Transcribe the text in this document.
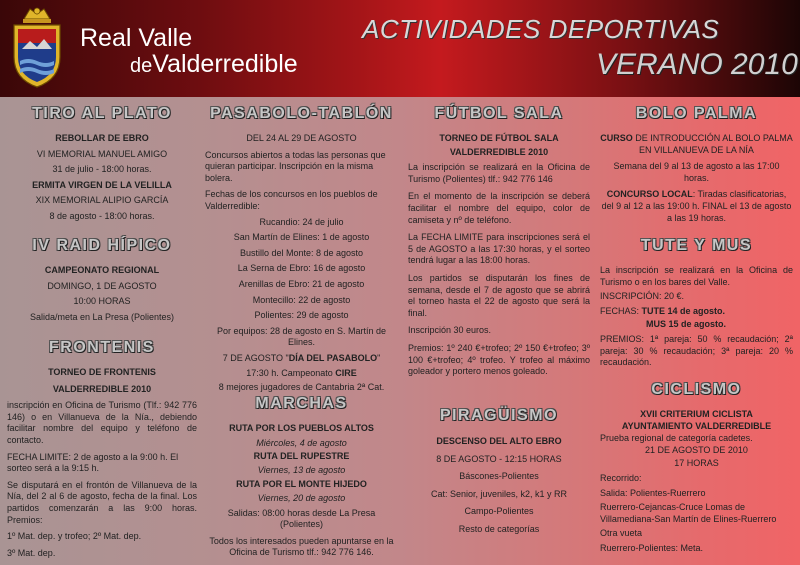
Real Valle
deValderredible
ACTIVIDADES DEPORTIVAS
VERANO 2010
TIRO AL PLATO

REBOLLAR DE EBRO

VI MEMORIAL MANUEL AMIGO

31 de julio - 18:00 horas.

ERMITA VIRGEN DE LA VELILLA

XIX MEMORIAL ALIPIO GARCÍA

8 de agosto - 18:00 horas.

IV RAID HÍPICO

CAMPEONATO REGIONAL

DOMINGO, 1 DE AGOSTO

10:00 HORAS

Salida/meta en La Presa (Polientes)

FRONTENIS

TORNEO DE FRONTENIS

VALDERREDIBLE 2010

inscripción en Oficina de Turismo (Tlf.: 942 776 146) o en Villanueva de la Nía., debiendo facilitar nombre del equipo y teléfono de contacto.

FECHA LIMITE: 2 de agosto a la 9:00 h. El sorteo será a la 9:15 h.

Se disputará en el frontón de Villanueva de la Nía, del 2 al 6 de agosto, fecha de la final. Los partidos comenzarán a las 9:00 horas. Premios:

1º Mat. dep. y trofeo; 2º Mat. dep.

3º Mat. dep.

PASABOLO-TABLÓN

DEL 24 AL 29 DE AGOSTO

Concursos abiertos a todas las personas que quieran participar. Inscripción en la misma bolera.

Fechas de los concursos en los pueblos de Valderredible:

Rucandio: 24 de julio

San Martín de Elines: 1 de agosto

Bustillo del Monte: 8 de agosto

La Serna de Ebro: 16 de agosto

Arenillas de Ebro: 21 de agosto

Montecillo: 22 de agosto

Polientes: 29 de agosto

Por equipos: 28 de agosto en S. Martín de Elines.

7 DE AGOSTO "DÍA DEL PASABOLO"

17:30 h. Campeonato CIRE

8 mejores jugadores de Cantabria 2ª Cat.

MARCHAS

RUTA POR LOS PUEBLOS ALTOS

Miércoles, 4 de agosto

RUTA DEL RUPESTRE

Viernes, 13 de agosto

RUTA POR EL MONTE HIJEDO

Viernes, 20 de agosto

Salidas: 08:00 horas desde La Presa (Polientes)

Todos los interesados pueden apuntarse en la Oficina de Turismo tlf.: 942 776 146.

FÚTBOL SALA

TORNEO DE FÚTBOL SALA

VALDERREDIBLE 2010

La inscripción se realizará en la Oficina de Turismo (Polientes) tlf.: 942 776 146

En el momento de la inscripción se deberá facilitar el nombre del equipo, color de camiseta y nº de teléfono.

La FECHA LIMITE para inscripciones será el 5 de AGOSTO a las 17:30 horas, y el sorteo tendrá lugar a las 18:00 horas.

Los partidos se disputarán los fines de semana, desde el 7 de agosto que se abrirá el torneo hasta el 22 de agosto que será la final.

Inscripción 30 euros.

Premios: 1º 240 €+trofeo; 2º 150 €+trofeo; 3º 100 €+trofeo; 4º trofeo. Y trofeo al máximo goleador y portero menos goleado.

PIRAGÜISMO

DESCENSO DEL ALTO EBRO

8 DE AGOSTO - 12:15 HORAS

Báscones-Polientes

Cat: Senior, juveniles, k2, k1 y RR

Campo-Polientes

Resto de categorías

BOLO PALMA

CURSO DE INTRODUCCIÓN AL BOLO PALMA EN VILLANUEVA DE LA NÍA

Semana del 9 al 13 de agosto a las 17:00 horas.

CONCURSO LOCAL: Tiradas clasificatorias, del 9 al 12 a las 19:00 h. FINAL el 13 de agosto a las 19 horas.

TUTE Y MUS

La inscripción se realizará en la Oficina de Turismo o en los bares del Valle.

INSCRIPCIÓN: 20 €.

FECHAS: TUTE 14 de agosto.

MUS 15 de agosto.

PREMIOS: 1ª pareja: 50 % recaudación; 2ª pareja: 30 % recaudación; 3ª pareja: 20 % recaudación.

CICLISMO

XVII CRITERIUM CICLISTA

AYUNTAMIENTO VALDERREDIBLE

Prueba regional de categoría cadetes.

21 DE AGOSTO DE 2010

17 HORAS

Recorrido:

Salida: Polientes-Ruerrero

Ruerrero-Cejancas-Cruce Lomas de Villamediana-San Martín de Elines-Ruerrero

Otra vueta

Ruerrero-Polientes: Meta.
